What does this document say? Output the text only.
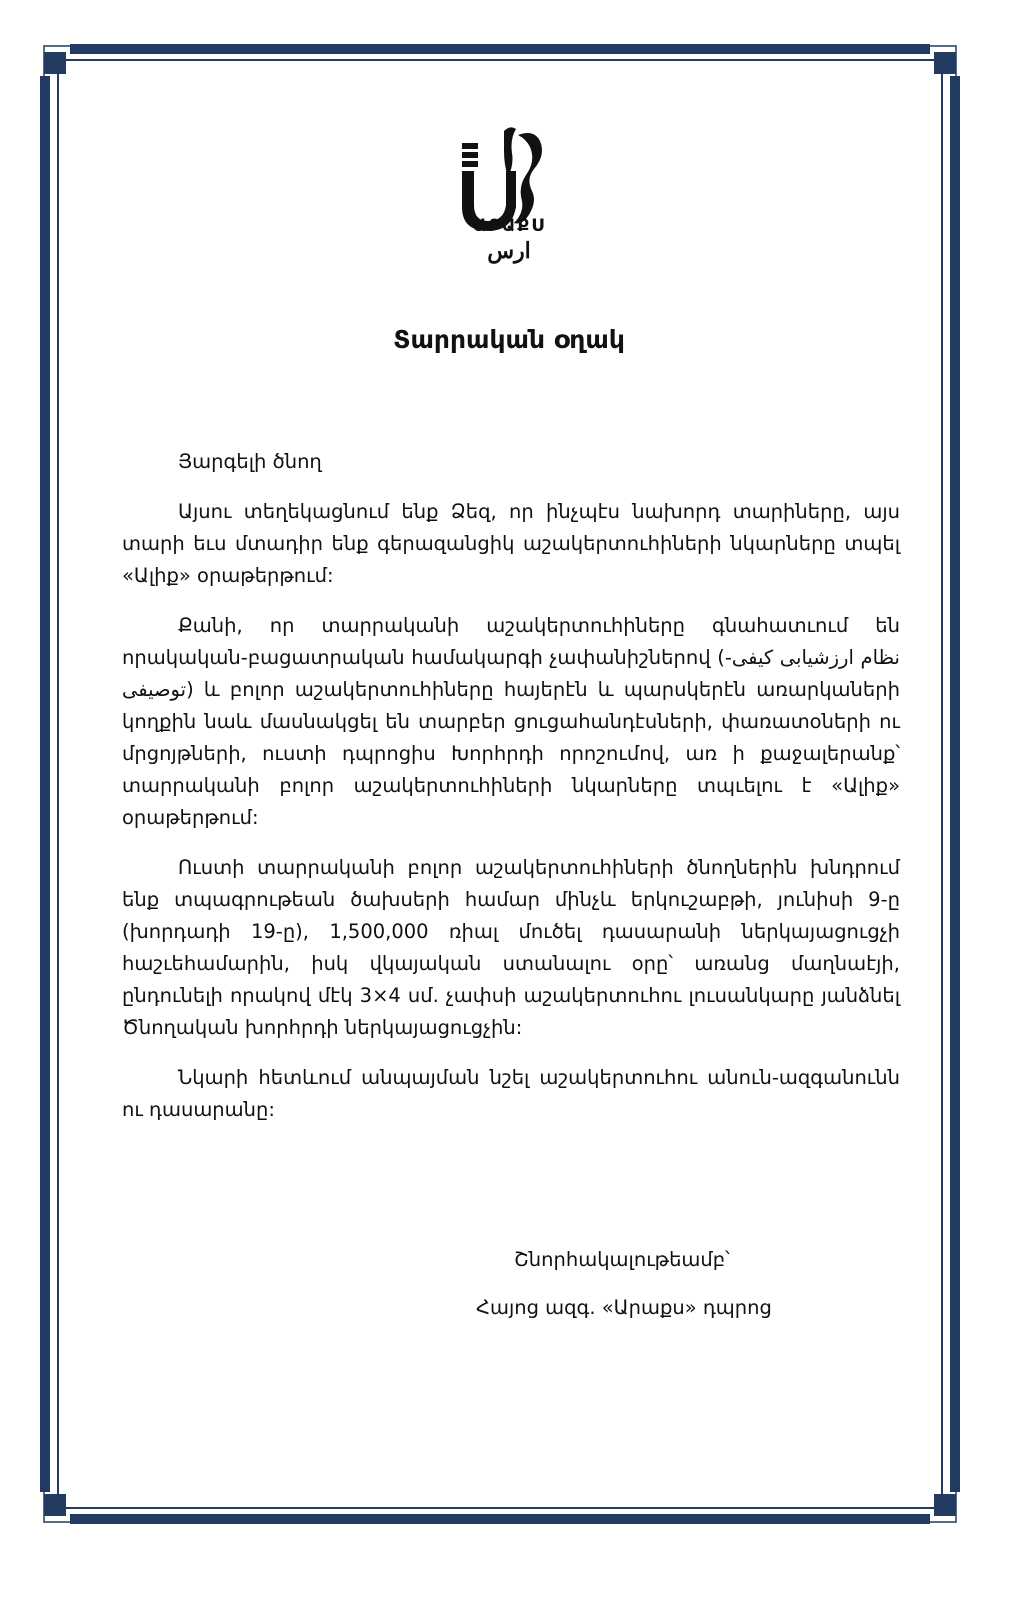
ԱՐԱՔՍ
ارس
Տարրական օղակ

Յարգելի ծնող

Այսու տեղեկացնում ենք Ձեզ, որ ինչպէս նախորդ տարիները, այս տարի եւս մտադիր ենք գերազանցիկ աշակերտուհիների նկարները տպել «Ալիք» օրաթերթում:

Քանի, որ տարրականի աշակերտուհիները գնահատւում են որակական-բացատրական համակարգի չափանիշներով (نظام ارزشیابی کیفی-توصیفی) և բոլոր աշակերտուհիները հայերէն և պարսկերէն առարկաների կողքին նաև մասնակցել են տարբեր ցուցահանդէսների, փառատօների ու մրցոյթների, ուստի դպրոցիս Խորհրդի որոշումով, առ ի քաջալերանք՝ տարրականի բոլոր աշակերտուհիների նկարները տպւելու է «Ալիք» օրաթերթում:

Ուստի տարրականի բոլոր աշակերտուհիների ծնողներին խնդրում ենք տպագրութեան ծախսերի համար մինչև երկուշաբթի, յունիսի 9-ը (խորդադի 19-ը), 1,500,000 ռիալ մուծել դասարանի ներկայացուցչի հաշւեհամարին, իսկ վկայական ստանալու օրը՝ առանց մաղնաէյի, ընդունելի որակով մէկ 3×4 սմ. չափսի աշակերտուհու լուսանկարը յանձնել Ծնողական խորհրդի ներկայացուցչին:

Նկարի հետևում անպայման նշել աշակերտուհու անուն-ազգանունն ու դասարանը:

Շնորհակալութեամբ՝
Հայոց ազգ. «Արաքս» դպրոց
